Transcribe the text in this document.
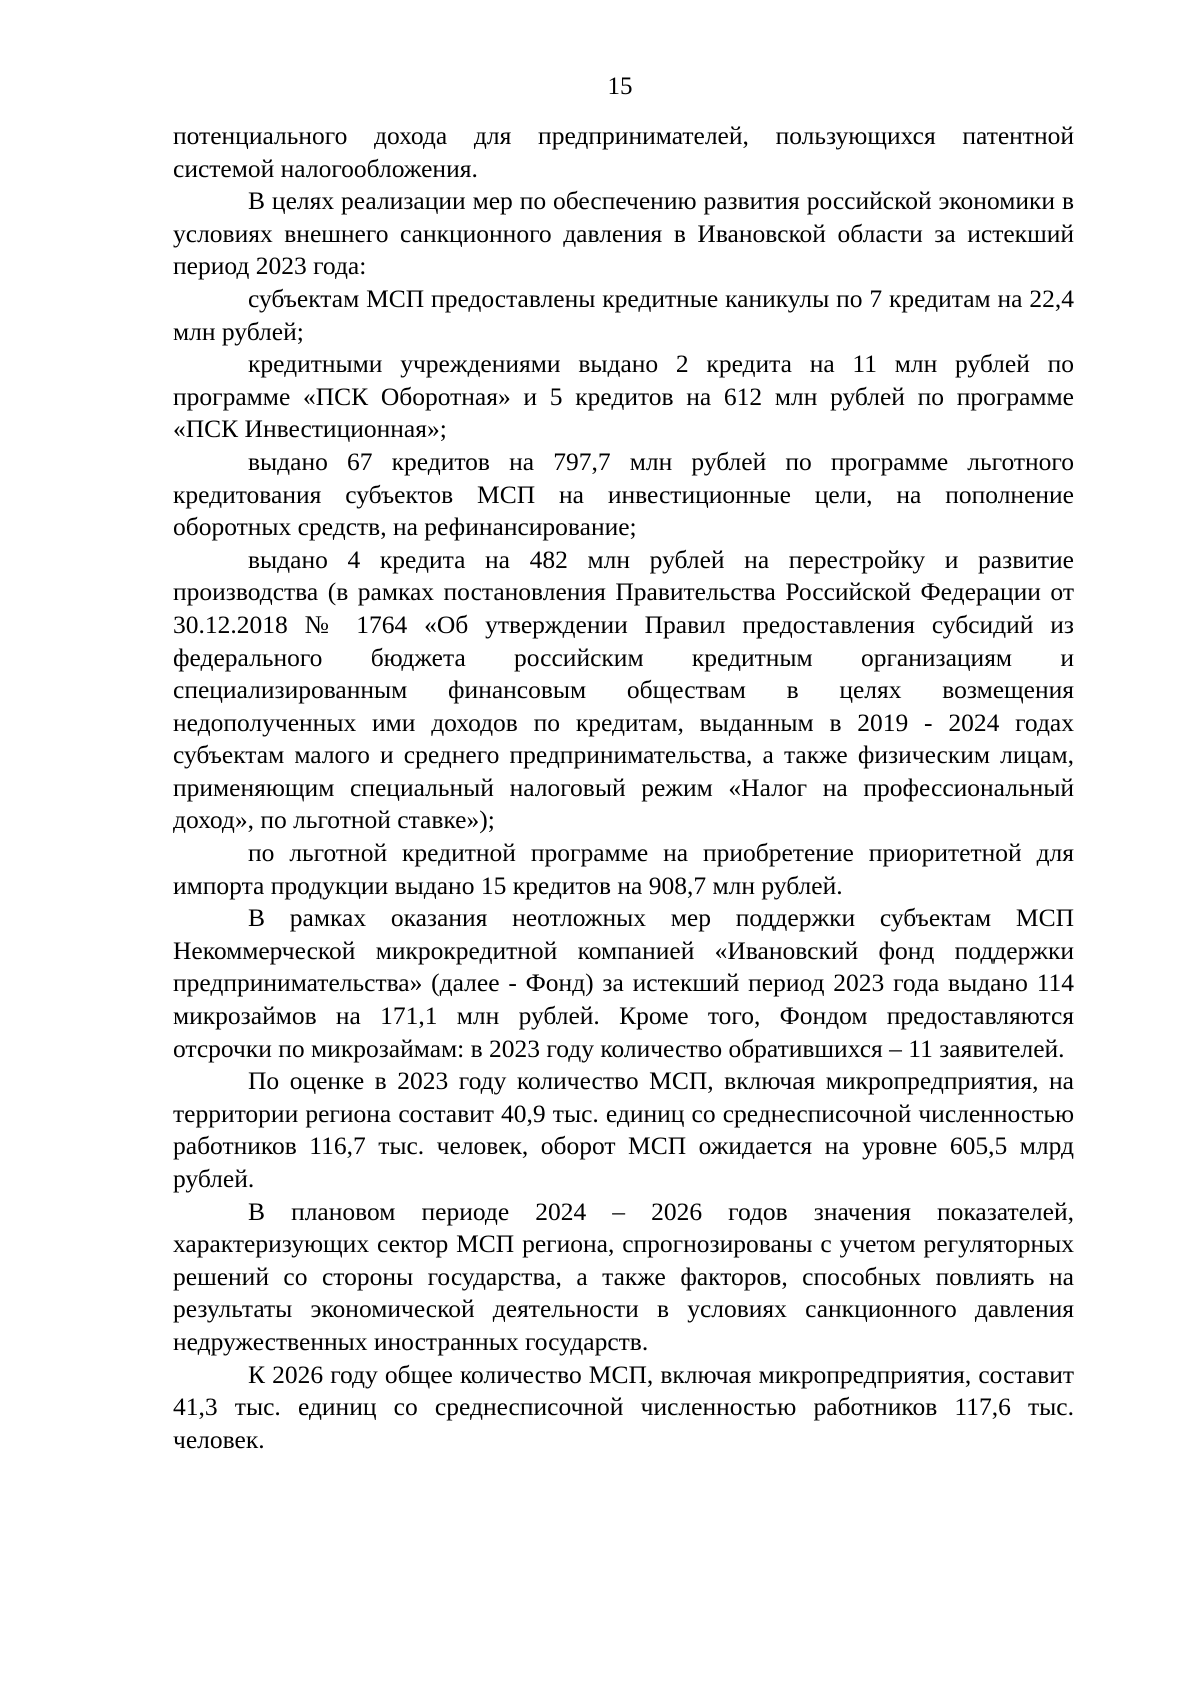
15

потенциального дохода для предпринимателей, пользующихся патентной системой налогообложения.

В целях реализации мер по обеспечению развития российской экономики в условиях внешнего санкционного давления в Ивановской области за истекший период 2023 года:

субъектам МСП предоставлены кредитные каникулы по 7 кредитам на 22,4 млн рублей;

кредитными учреждениями выдано 2 кредита на 11 млн рублей по программе «ПСК Оборотная» и 5 кредитов на 612 млн рублей по программе «ПСК Инвестиционная»;

выдано 67 кредитов на 797,7 млн рублей по программе льготного кредитования субъектов МСП на инвестиционные цели, на пополнение оборотных средств, на рефинансирование;

выдано 4 кредита на 482 млн рублей на перестройку и развитие производства (в рамках постановления Правительства Российской Федерации от 30.12.2018 № 1764 «Об утверждении Правил предоставления субсидий из федерального бюджета российским кредитным организациям и специализированным финансовым обществам в целях возмещения недополученных ими доходов по кредитам, выданным в 2019 - 2024 годах субъектам малого и среднего предпринимательства, а также физическим лицам, применяющим специальный налоговый режим «Налог на профессиональный доход», по льготной ставке»);

по льготной кредитной программе на приобретение приоритетной для импорта продукции выдано 15 кредитов на 908,7 млн рублей.

В рамках оказания неотложных мер поддержки субъектам МСП Некоммерческой микрокредитной компанией «Ивановский фонд поддержки предпринимательства» (далее - Фонд) за истекший период 2023 года выдано 114 микрозаймов на 171,1 млн рублей. Кроме того, Фондом предоставляются отсрочки по микрозаймам: в 2023 году количество обратившихся – 11 заявителей.

По оценке в 2023 году количество МСП, включая микропредприятия, на территории региона составит 40,9 тыс. единиц со среднесписочной численностью работников 116,7 тыс. человек, оборот МСП ожидается на уровне 605,5 млрд рублей.

В плановом периоде 2024 – 2026 годов значения показателей, характеризующих сектор МСП региона, спрогнозированы с учетом регуляторных решений со стороны государства, а также факторов, способных повлиять на результаты экономической деятельности в условиях санкционного давления недружественных иностранных государств.

К 2026 году общее количество МСП, включая микропредприятия, составит 41,3 тыс. единиц со среднесписочной численностью работников 117,6 тыс. человек.
